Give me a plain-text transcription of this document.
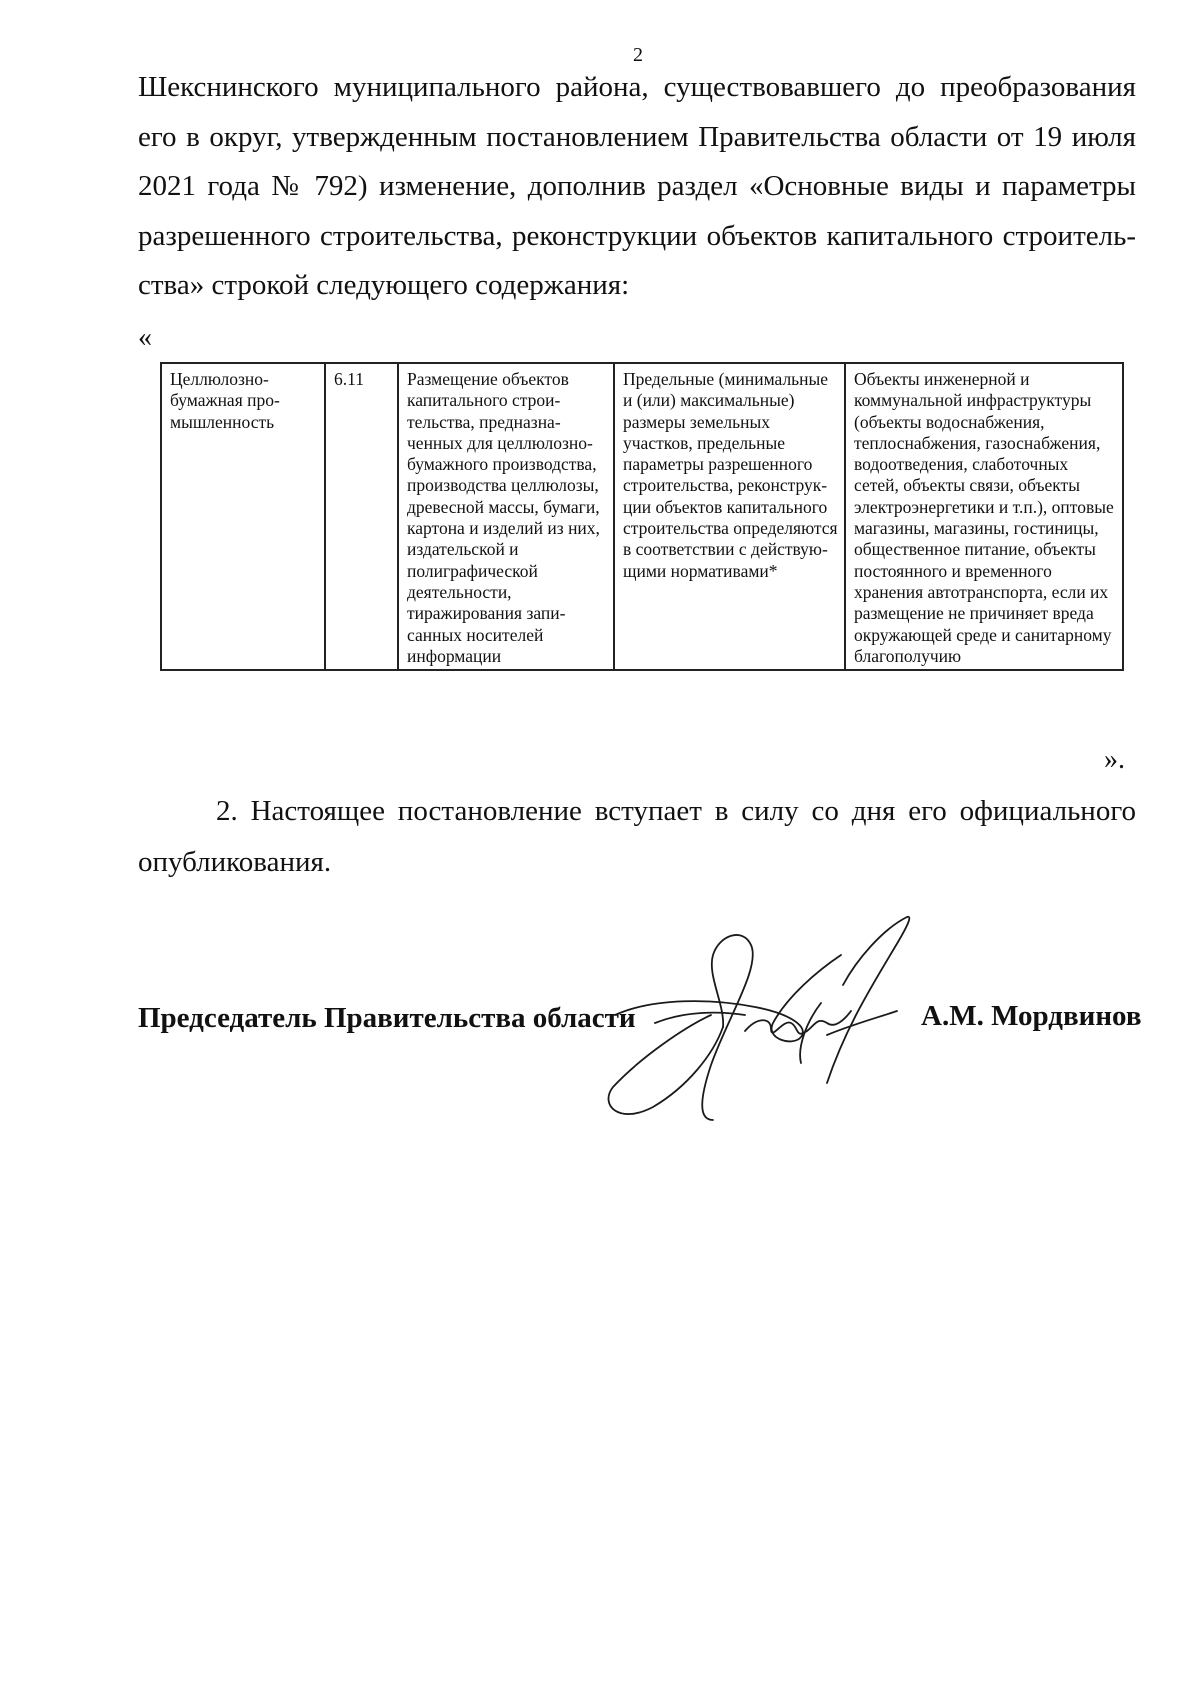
2

Шекснинского муниципального района, существовавшего до преобразования его в округ, утвержденным постановлением Правительства области от 19 июля 2021 года № 792) изменение, дополнив раздел «Основные виды и параметры разрешенного строительства, реконструкции объектов капитального строительства» строкой следующего содержания:

«
Целлюлозно-бумажная промышленность	6.11	Размещение объектов капитального строительства, предназначенных для целлюлозно-бумажного производства, производства целлюлозы, древесной массы, бумаги, картона и изделий из них, издательской и полиграфической деятельности, тиражирования записанных носителей информации	Предельные (минимальные и (или) максимальные) размеры земельных участков, предельные параметры разрешенного строительства, реконструкции объектов капитального строительства определяются в соответствии с действующими нормативами*	Объекты инженерной и коммунальной инфраструктуры (объекты водоснабжения, теплоснабжения, газоснабжения, водоотведения, слаботочных сетей, объекты связи, объекты электроэнергетики и т.п.), оптовые магазины, магазины, гостиницы, общественное питание, объекты постоянного и временного хранения автотранспорта, если их размещение не причиняет вреда окружающей среде и санитарному благополучию
».

2. Настоящее постановление вступает в силу со дня его официального опубликования.

Председатель Правительства области	А.М. Мордвинов
